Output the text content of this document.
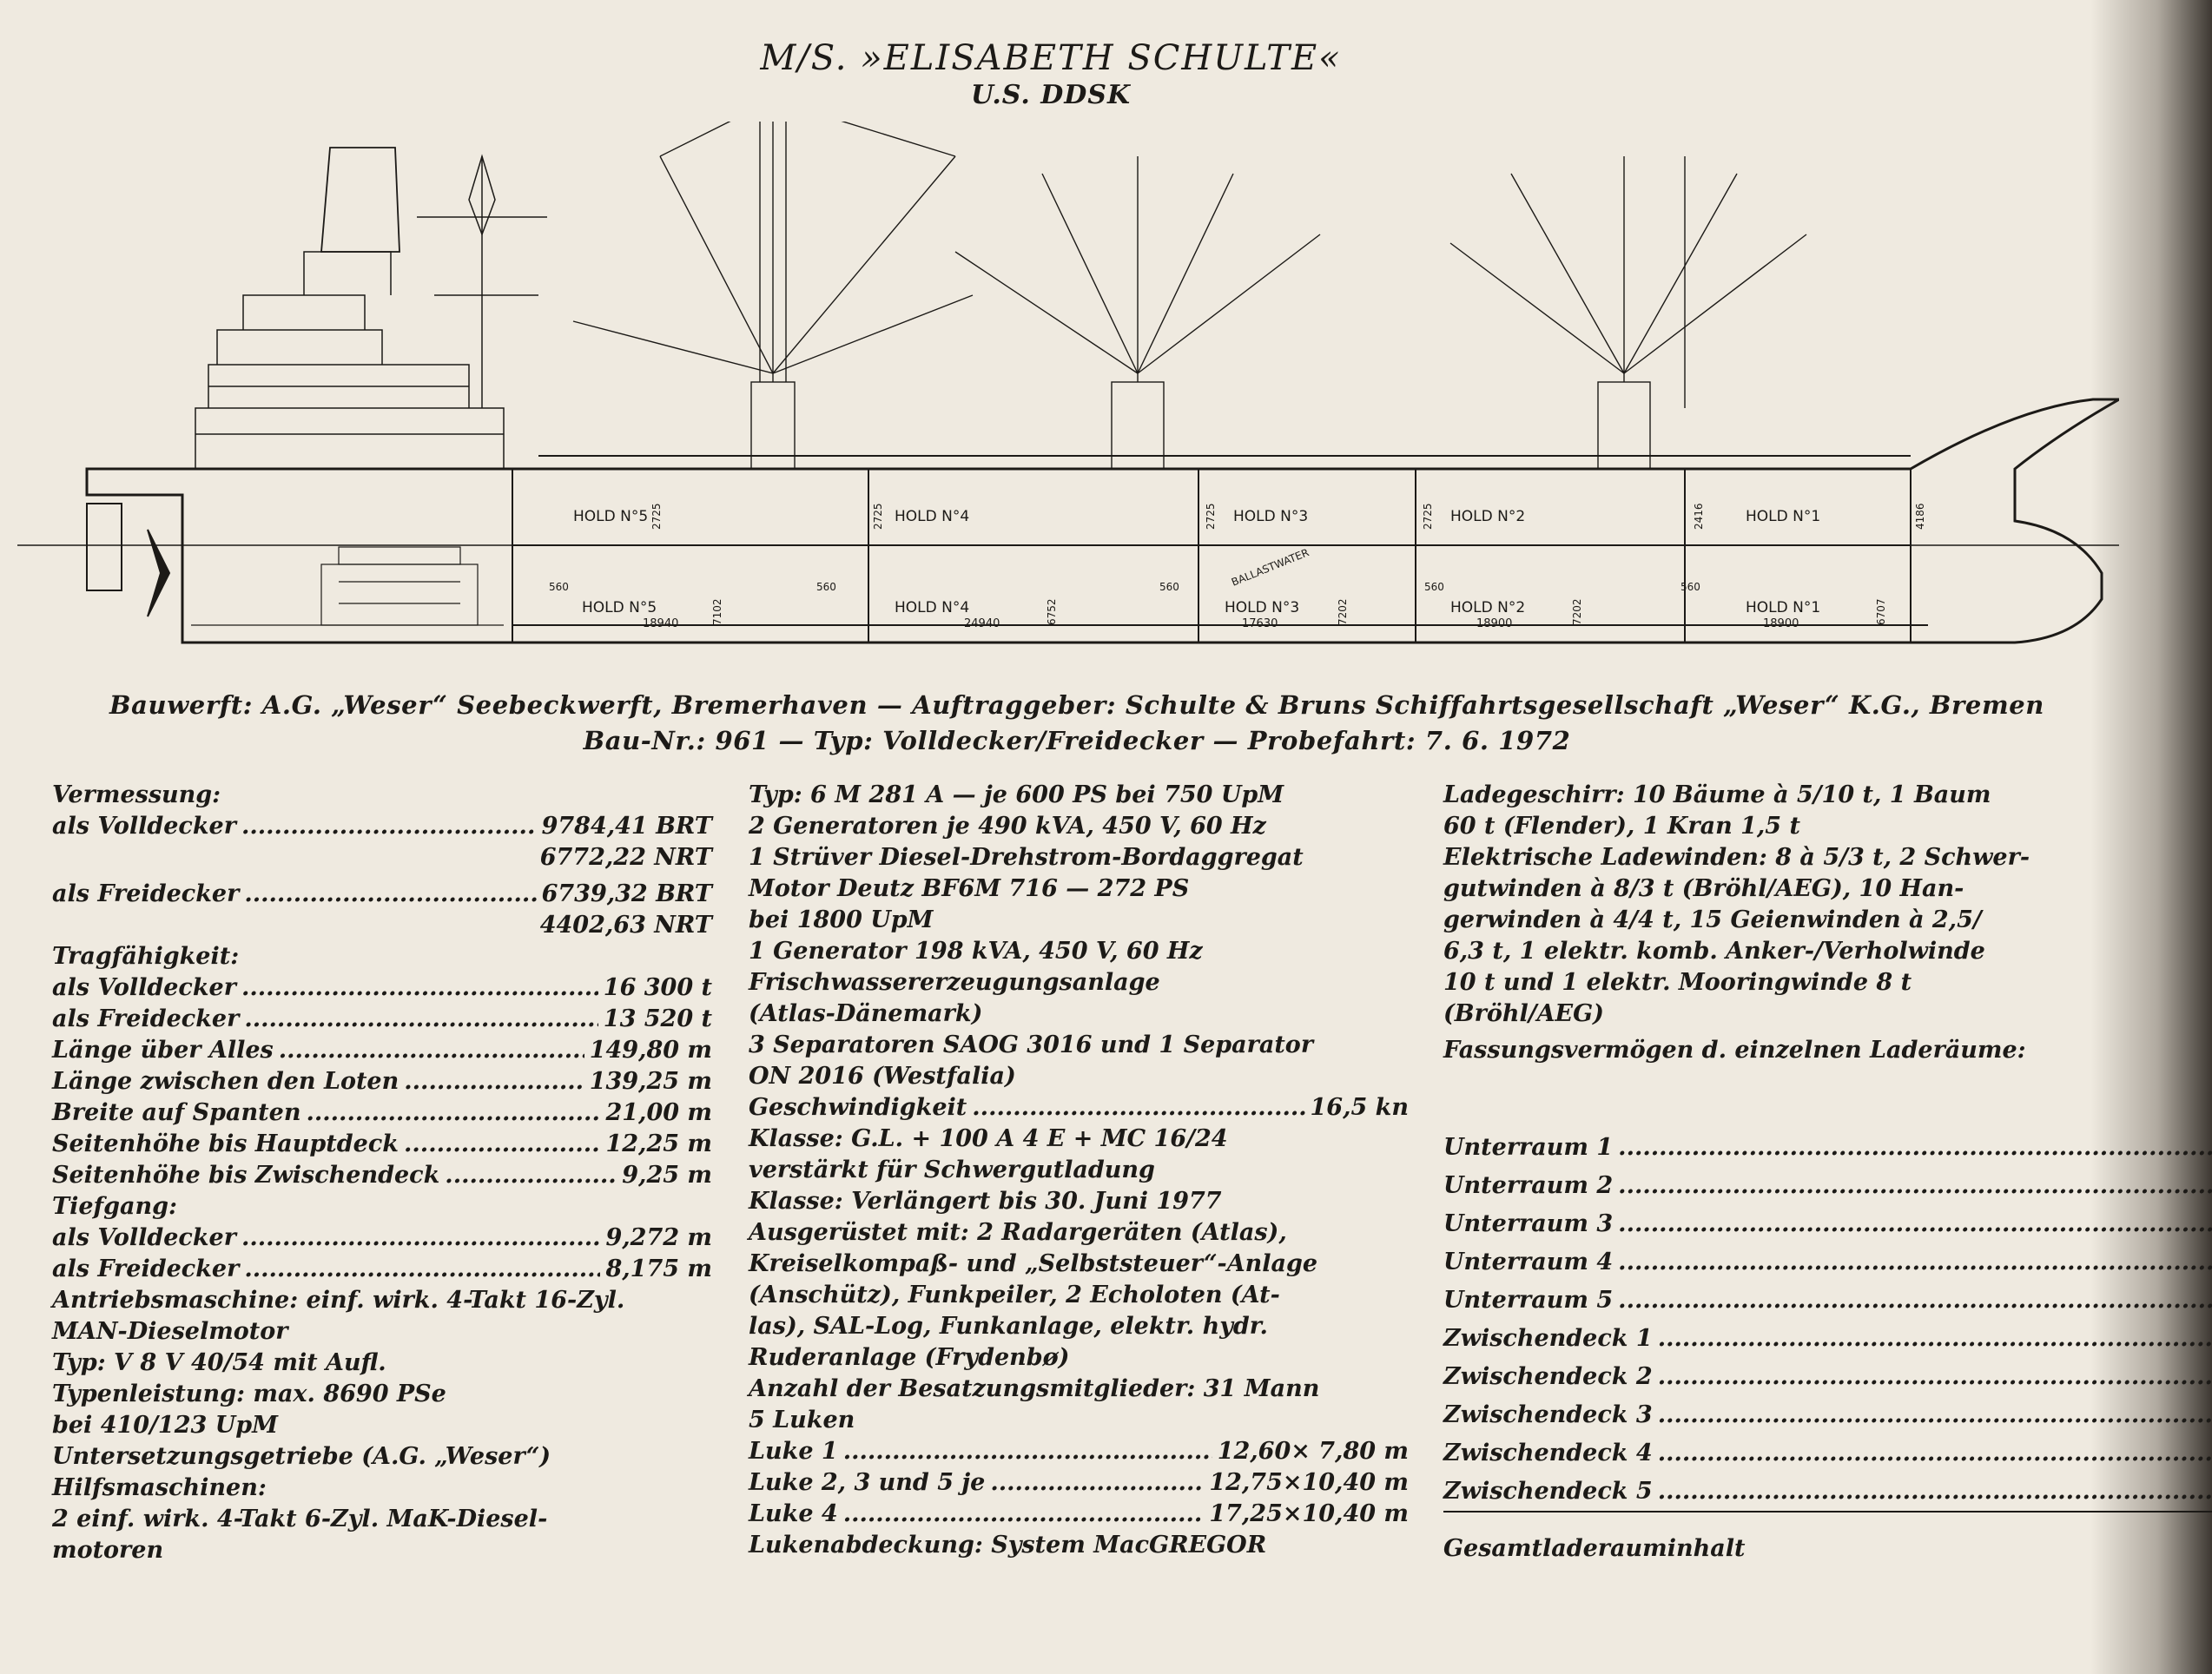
M/S. »ELISABETH SCHULTE«
U.S. DDSK
HOLD N°5	HOLD N°4	HOLD N°3	HOLD N°2	HOLD N°1
2725	2725	2725	2725	2416	4186
HOLD N°5
18940
HOLD N°4
24940
HOLD N°3
17630
HOLD N°2
18900
HOLD N°1
18900
BALLASTWATER
7102	6752	7202	7202	6707
560	560	560	560	560
Bauwerft: A.G. „Weser“ Seebeckwerft, Bremerhaven — Auftraggeber: Schulte & Bruns Schiffahrtsgesellschaft „Weser“ K.G., Bremen
Bau-Nr.: 961 — Typ: Volldecker/Freidecker — Probefahrt: 7. 6. 1972
Vermessung:
als Volldecker .....	9784,41 BRT
6772,22 NRT
als Freidecker .....	6739,32 BRT
4402,63 NRT
Tragfähigkeit:
als Volldecker .....	16 300 t
als Freidecker .....	13 520 t
Länge über Alles .....	149,80 m
Länge zwischen den Loten .....	139,25 m
Breite auf Spanten .....	21,00 m
Seitenhöhe bis Hauptdeck .....	12,25 m
Seitenhöhe bis Zwischendeck .....	9,25 m
Tiefgang:
als Volldecker .....	9,272 m
als Freidecker .....	8,175 m
Antriebsmaschine: einf. wirk. 4-Takt 16-Zyl.
MAN-Dieselmotor
Typ: V 8 V 40/54 mit Aufl.
Typenleistung: max. 8690 PSe
bei 410/123 UpM
Untersetzungsgetriebe (A.G. „Weser“)
Hilfsmaschinen:
2 einf. wirk. 4-Takt 6-Zyl. MaK-Diesel-
motoren
Typ: 6 M 281 A — je 600 PS bei 750 UpM
2 Generatoren je 490 kVA, 450 V, 60 Hz
1 Strüver Diesel-Drehstrom-Bordaggregat
Motor Deutz BF6M 716 — 272 PS
bei 1800 UpM
1 Generator 198 kVA, 450 V, 60 Hz
Frischwassererzeugungsanlage
(Atlas-Dänemark)
3 Separatoren SAOG 3016 und 1 Separator
ON 2016 (Westfalia)
Geschwindigkeit .....	16,5 kn
Klasse: G.L. + 100 A 4 E + MC 16/24
verstärkt für Schwergutladung
Klasse: Verlängert bis 30. Juni 1977
Ausgerüstet mit: 2 Radargeräten (Atlas),
Kreiselkompaß- und „Selbststeuer“-Anlage
(Anschütz), Funkpeiler, 2 Echoloten (At-
las), SAL-Log, Funkanlage, elektr. hydr.
Ruderanlage (Frydenbø)
Anzahl der Besatzungsmitglieder: 31 Mann
5 Luken
Luke 1 .....	12,60× 7,80 m
Luke 2, 3 und 5 je .....	12,75×10,40 m
Luke 4 .....	17,25×10,40 m
Lukenabdeckung: System MacGREGOR
Ladegeschirr: 10 Bäume à 5/10 t, 1 Baum
60 t (Flender), 1 Kran 1,5 t
Elektrische Ladewinden: 8 à 5/3 t, 2 Schwer-
gutwinden à 8/3 t (Bröhl/AEG), 10 Han-
gerwinden à 4/4 t, 15 Geienwinden à 2,5/
6,3 t, 1 elektr. komb. Anker-/Verholwinde
10 t und 1 elektr. Mooringwinde 8 t
(Bröhl/AEG)
Fassungsvermögen d. einzelnen Laderäume:

Unterraum 1
.....

Unterraum 2
.....

Unterraum 3
.....

Unterraum 4
.....

Unterraum 5
.....

Zwischendeck 1
.....

Zwischendeck 2
.....

Zwischendeck 3
.....

Zwischendeck 4
.....

Zwischendeck 5
.....

Gesamtladerauminhalt		
